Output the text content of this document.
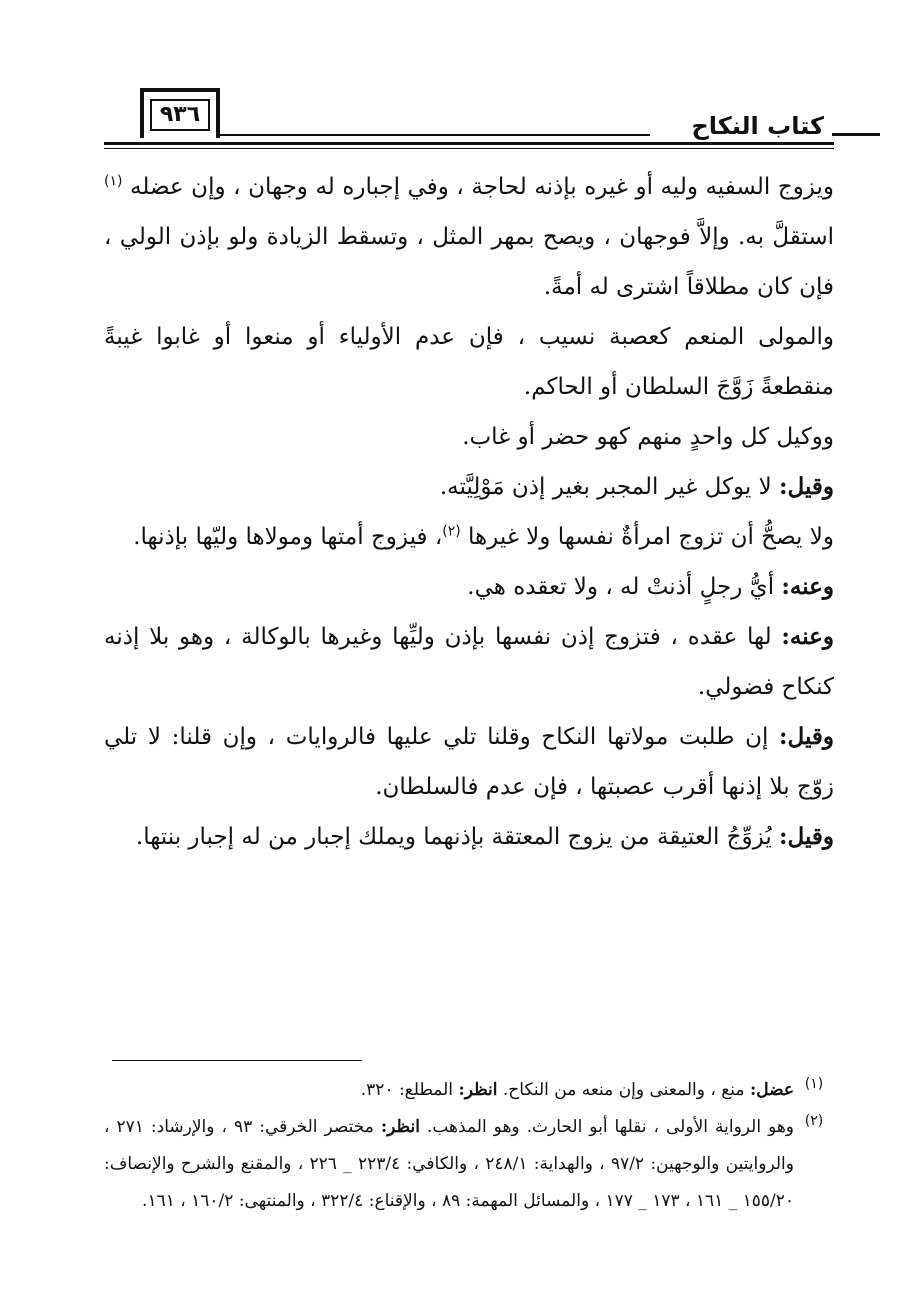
٩٣٦	كتاب النكاح

ويزوج السفيه وليه أو غيره بإذنه لحاجة ، وفي إجباره له وجهان ، وإن عضله $^{(١)}$ استقلَّ به. وإلاَّ فوجهان ، ويصح بمهر المثل ، وتسقط الزيادة ولو بإذن الولي ، فإن كان مطلاقاً اشترى له أمةً.

والمولى المنعم كعصبة نسيب ، فإن عدم الأولياء أو منعوا أو غابوا غيبةً منقطعةً زَوَّجَ السلطان أو الحاكم.

ووكيل كل واحدٍ منهم كهو حضر أو غاب.

وقيل: لا يوكل غير المجبر بغير إذن مَوْلِيَّته.

ولا يصحُّ أن تزوج امرأةٌ نفسها ولا غيرها $^{(٢)}$، فيزوج أمتها ومولاها وليّها بإذنها.

وعنه: أيُّ رجلٍ أذنتْ له ، ولا تعقده هي.

وعنه: لها عقده ، فتزوج إذن نفسها بإذن وليِّها وغيرها بالوكالة ، وهو بلا إذنه كنكاح فضولي.

وقيل: إن طلبت مولاتها النكاح وقلنا تلي عليها فالروايات ، وإن قلنا: لا تلي زوّج بلا إذنها أقرب عصبتها ، فإن عدم فالسلطان.

وقيل: يُزوِّجُ العتيقة من يزوج المعتقة بإذنهما ويملك إجبار من له إجبار بنتها.

(١)
عضل: منع ، والمعنى وإن منعه من النكاح. انظر: المطلع: ٣٢٠.
(٢)
وهو الرواية الأولى ، نقلها أبو الحارث. وهو المذهب. انظر: مختصر الخرقي: ٩٣ ، والإرشاد: ٢٧١ ، والروايتين والوجهين: ٩٧/٢ ، والهداية: ٢٤٨/١ ، والكافي: ٢٢٣/٤ _ ٢٢٦ ، والمقنع والشرح والإنصاف: ١٥٥/٢٠ _ ١٦١ ، ١٧٣ _ ١٧٧ ، والمسائل المهمة: ٨٩ ، والإقناع: ٣٢٢/٤ ، والمنتهى: ١٦٠/٢ ، ١٦١.
